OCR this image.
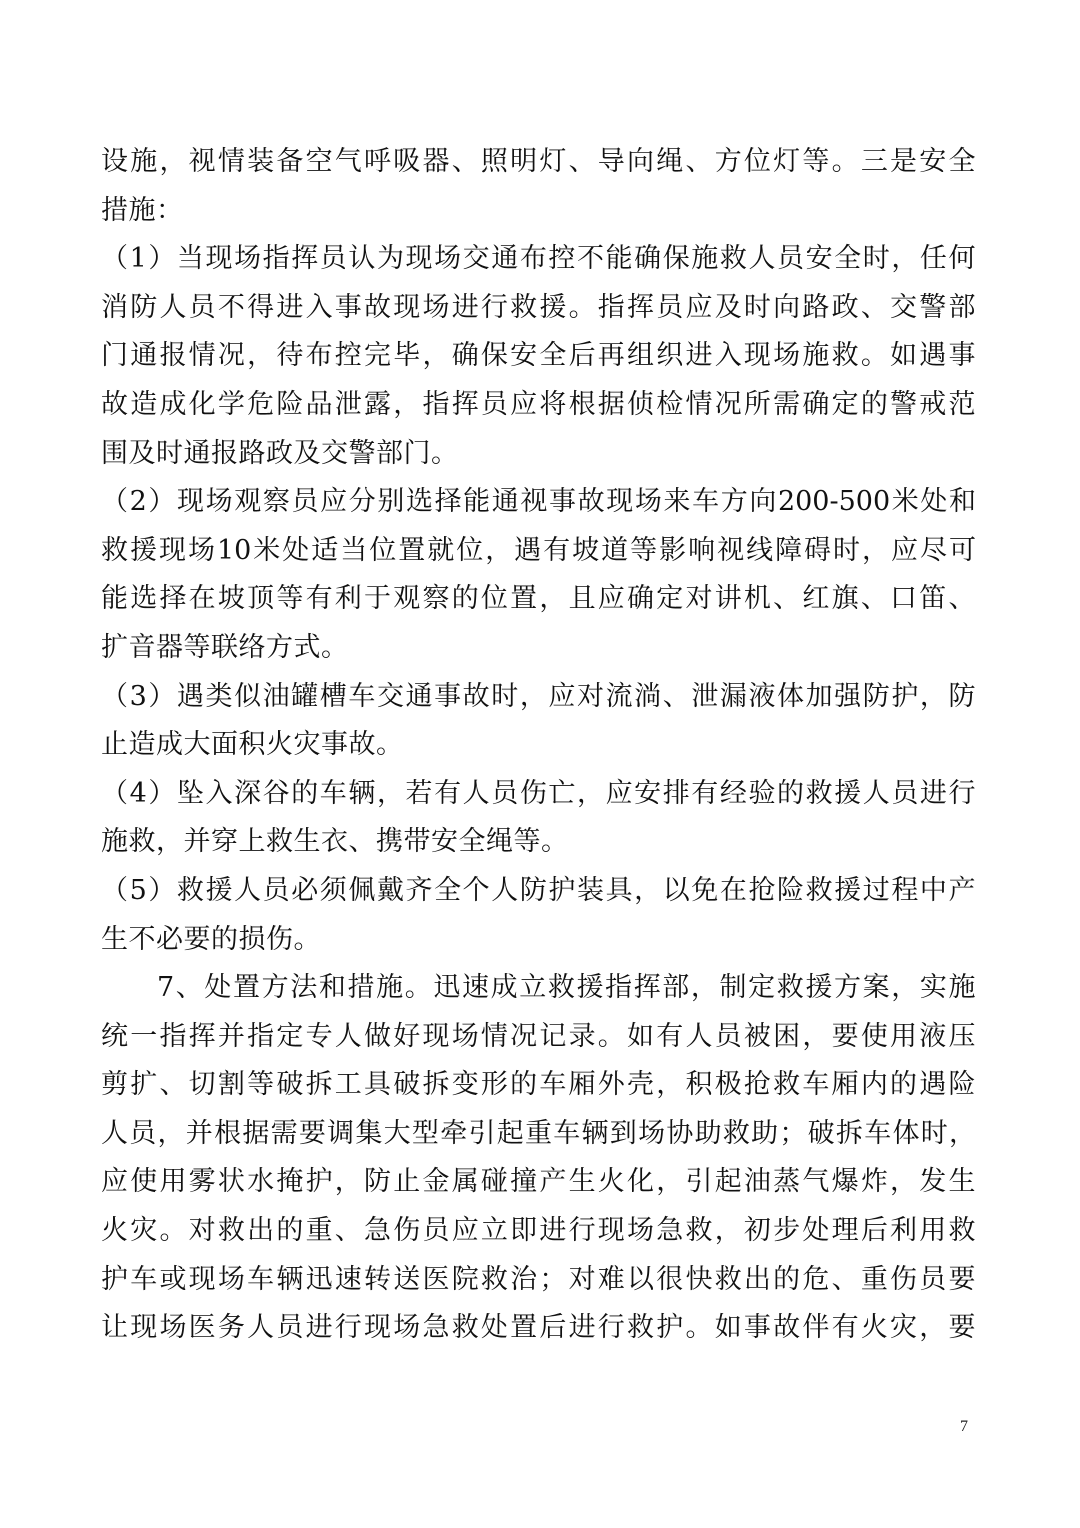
设施，视情装备空气呼吸器、照明灯、导向绳、方位灯等。三是安全
措施：
（1）当现场指挥员认为现场交通布控不能确保施救人员安全时，任何
消防人员不得进入事故现场进行救援。指挥员应及时向路政、交警部
门通报情况，待布控完毕，确保安全后再组织进入现场施救。如遇事
故造成化学危险品泄露，指挥员应将根据侦检情况所需确定的警戒范
围及时通报路政及交警部门。
（2）现场观察员应分别选择能通视事故现场来车方向200-500米处和
救援现场10米处适当位置就位，遇有坡道等影响视线障碍时，应尽可
能选择在坡顶等有利于观察的位置，且应确定对讲机、红旗、口笛、
扩音器等联络方式。
（3）遇类似油罐槽车交通事故时，应对流淌、泄漏液体加强防护，防
止造成大面积火灾事故。
（4）坠入深谷的车辆，若有人员伤亡，应安排有经验的救援人员进行
施救，并穿上救生衣、携带安全绳等。
（5）救援人员必须佩戴齐全个人防护装具，以免在抢险救援过程中产
生不必要的损伤。
7、处置方法和措施。迅速成立救援指挥部，制定救援方案，实施
统一指挥并指定专人做好现场情况记录。如有人员被困，要使用液压
剪扩、切割等破拆工具破拆变形的车厢外壳，积极抢救车厢内的遇险
人员，并根据需要调集大型牵引起重车辆到场协助救助；破拆车体时，
应使用雾状水掩护，防止金属碰撞产生火化，引起油蒸气爆炸，发生
火灾。对救出的重、急伤员应立即进行现场急救，初步处理后利用救
护车或现场车辆迅速转送医院救治；对难以很快救出的危、重伤员要
让现场医务人员进行现场急救处置后进行救护。如事故伴有火灾，要
7
